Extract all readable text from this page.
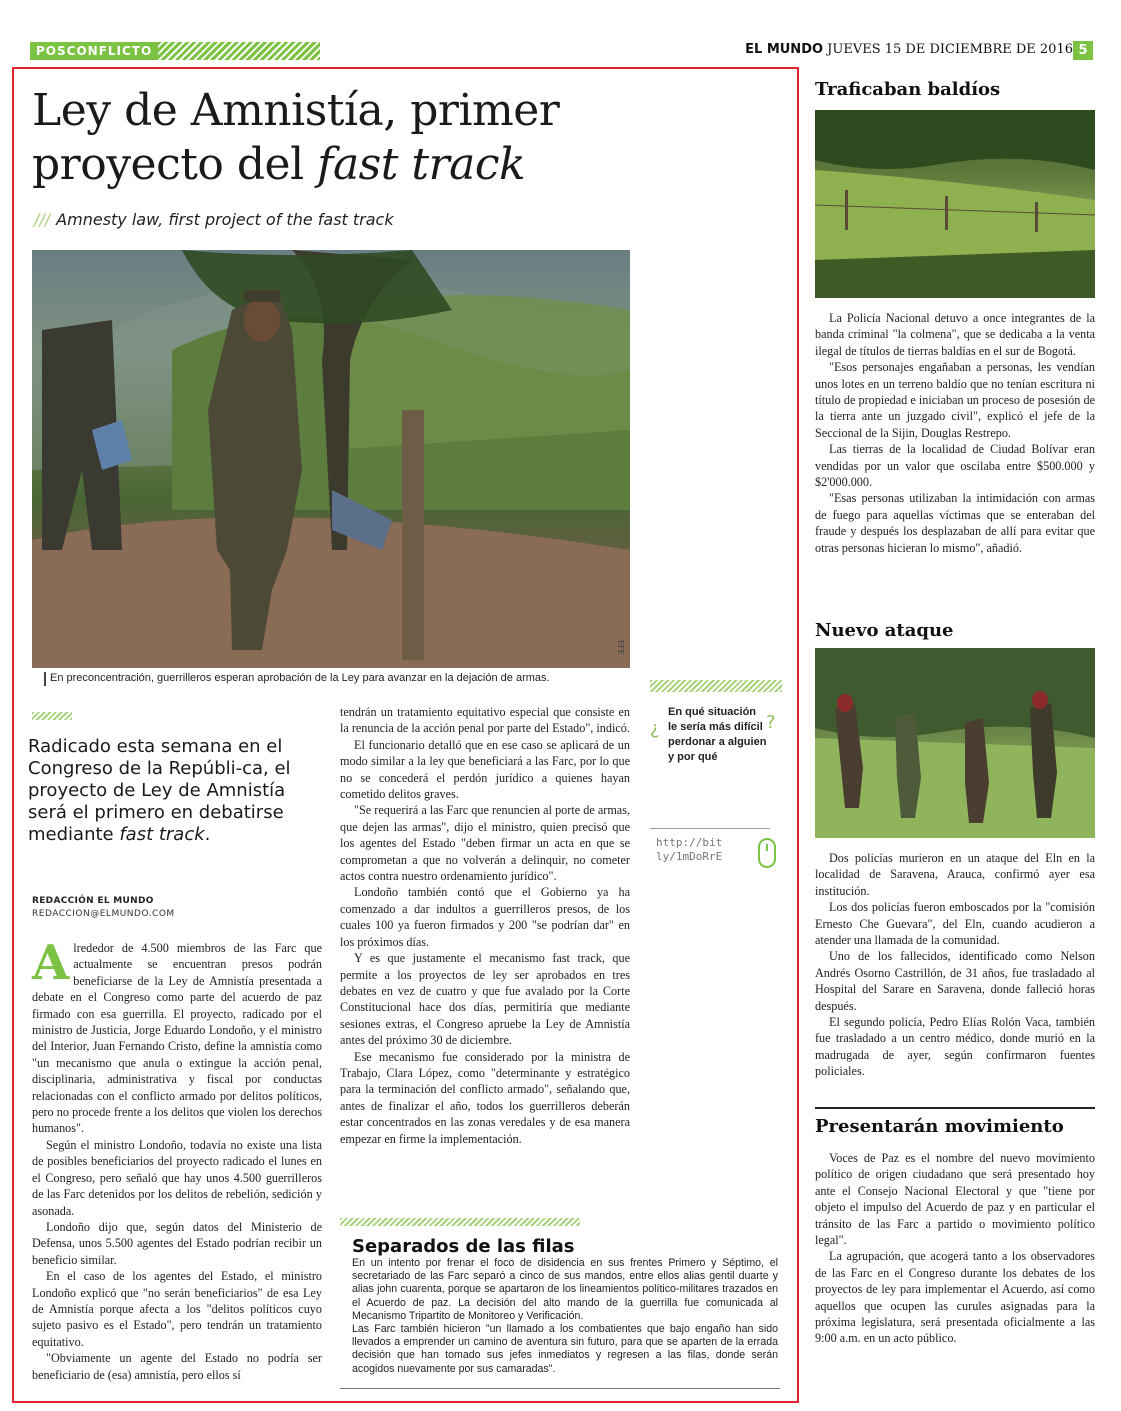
POSCONFLICTO	EL MUNDO JUEVES 15 DE DICIEMBRE DE 2016 5
Ley de Amnistía, primer proyecto del fast track
/// Amnesty law, first project of the fast track
EFE
En preconcentración, guerrilleros esperan aprobación de la Ley para avanzar en la dejación de armas.
¿	?
En qué situación le sería más difícil perdonar a alguien y por qué
http://bit ly/1mDoRrE
Radicado esta semana en el Congreso de la Repúbli-ca, el proyecto de Ley de Amnistía será el primero en debatirse mediante fast track.
REDACCIÓN EL MUNDO
REDACCION@ELMUNDO.COM

Alrededor de 4.500 miembros de las Farc que actualmente se encuentran presos podrán beneficiarse de la Ley de Amnistía presentada a debate en el Congreso como parte del acuerdo de paz firmado con esa guerrilla. El proyecto, radicado por el ministro de Justicia, Jorge Eduardo Londoño, y el ministro del Interior, Juan Fernando Cristo, define la amnistía como "un mecanismo que anula o extingue la acción penal, disciplinaria, administrativa y fiscal por conductas relacionadas con el conflicto armado por delitos políticos, pero no procede frente a los delitos que violen los derechos humanos".

Según el ministro Londoño, todavía no existe una lista de posibles beneficiarios del proyecto radicado el lunes en el Congreso, pero señaló que hay unos 4.500 guerrilleros de las Farc detenidos por los delitos de rebelión, sedición y asonada.

Londoño dijo que, según datos del Ministerio de Defensa, unos 5.500 agentes del Estado podrían recibir un beneficio similar.

En el caso de los agentes del Estado, el ministro Londoño explicó que "no serán beneficiarios" de esa Ley de Amnistía porque afecta a los "delitos políticos cuyo sujeto pasivo es el Estado", pero tendrán un tratamiento equitativo.

"Obviamente un agente del Estado no podría ser beneficiario de (esa) amnistía, pero ellos sí

tendrán un tratamiento equitativo especial que consiste en la renuncia de la acción penal por parte del Estado", indicó.

El funcionario detalló que en ese caso se aplicará de un modo similar a la ley que beneficiará a las Farc, por lo que no se concederá el perdón jurídico a quienes hayan cometido delitos graves.

"Se requerirá a las Farc que renuncien al porte de armas, que dejen las armas", dijo el ministro, quien precisó que los agentes del Estado "deben firmar un acta en que se comprometan a que no volverán a delinquir, no cometer actos contra nuestro ordenamiento jurídico".

Londoño también contó que el Gobierno ya ha comenzado a dar indultos a guerrilleros presos, de los cuales 100 ya fueron firmados y 200 "se podrían dar" en los próximos días.

Y es que justamente el mecanismo fast track, que permite a los proyectos de ley ser aprobados en tres debates en vez de cuatro y que fue avalado por la Corte Constitucional hace dos días, permitiría que mediante sesiones extras, el Congreso apruebe la Ley de Amnistía antes del próximo 30 de diciembre.

Ese mecanismo fue considerado por la ministra de Trabajo, Clara López, como "determinante y estratégico para la terminación del conflicto armado", señalando que, antes de finalizar el año, todos los guerrilleros deberán estar concentrados en las zonas veredales y de esa manera empezar en firme la implementación.

Separados de las filas

En un intento por frenar el foco de disidencia en sus frentes Primero y Séptimo, el secretariado de las Farc separó a cinco de sus mandos, entre ellos alias gentil duarte y alias john cuarenta, porque se apartaron de los lineamientos político-militares trazados en el Acuerdo de paz. La decisión del alto mando de la guerrilla fue comunicada al Mecanismo Tripartito de Monitoreo y Verificación.

Las Farc también hicieron "un llamado a los combatientes que bajo engaño han sido llevados a emprender un camino de aventura sin futuro, para que se aparten de la errada decisión que han tomado sus jefes inmediatos y regresen a las filas, donde serán acogidos nuevamente por sus camaradas".

Traficaban baldíos

La Policía Nacional detuvo a once integrantes de la banda criminal "la colmena", que se dedicaba a la venta ilegal de títulos de tierras baldías en el sur de Bogotá.

"Esos personajes engañaban a personas, les vendían unos lotes en un terreno baldío que no tenían escritura ni título de propiedad e iniciaban un proceso de posesión de la tierra ante un juzgado civil", explicó el jefe de la Seccional de la Sijin, Douglas Restrepo.

Las tierras de la localidad de Ciudad Bolívar eran vendidas por un valor que oscilaba entre $500.000 y $2'000.000.

"Esas personas utilizaban la intimidación con armas de fuego para aquellas víctimas que se enteraban del fraude y después los desplazaban de allí para evitar que otras personas hicieran lo mismo", añadió.

Nuevo ataque

Dos policías murieron en un ataque del Eln en la localidad de Saravena, Arauca, confirmó ayer esa institución.

Los dos policías fueron emboscados por la "comisión Ernesto Che Guevara", del Eln, cuando acudieron a atender una llamada de la comunidad.

Uno de los fallecidos, identificado como Nelson Andrés Osorno Castrillón, de 31 años, fue trasladado al Hospital del Sarare en Saravena, donde falleció horas después.

El segundo policía, Pedro Elías Rolón Vaca, también fue trasladado a un centro médico, donde murió en la madrugada de ayer, según confirmaron fuentes policiales.

Presentarán movimiento

Voces de Paz es el nombre del nuevo movimiento político de origen ciudadano que será presentado hoy ante el Consejo Nacional Electoral y que "tiene por objeto el impulso del Acuerdo de paz y en particular el tránsito de las Farc a partido o movimiento político legal".

La agrupación, que acogerá tanto a los observadores de las Farc en el Congreso durante los debates de los proyectos de ley para implementar el Acuerdo, así como aquellos que ocupen las curules asignadas para la próxima legislatura, será presentada oficialmente a las 9:00 a.m. en un acto público.
